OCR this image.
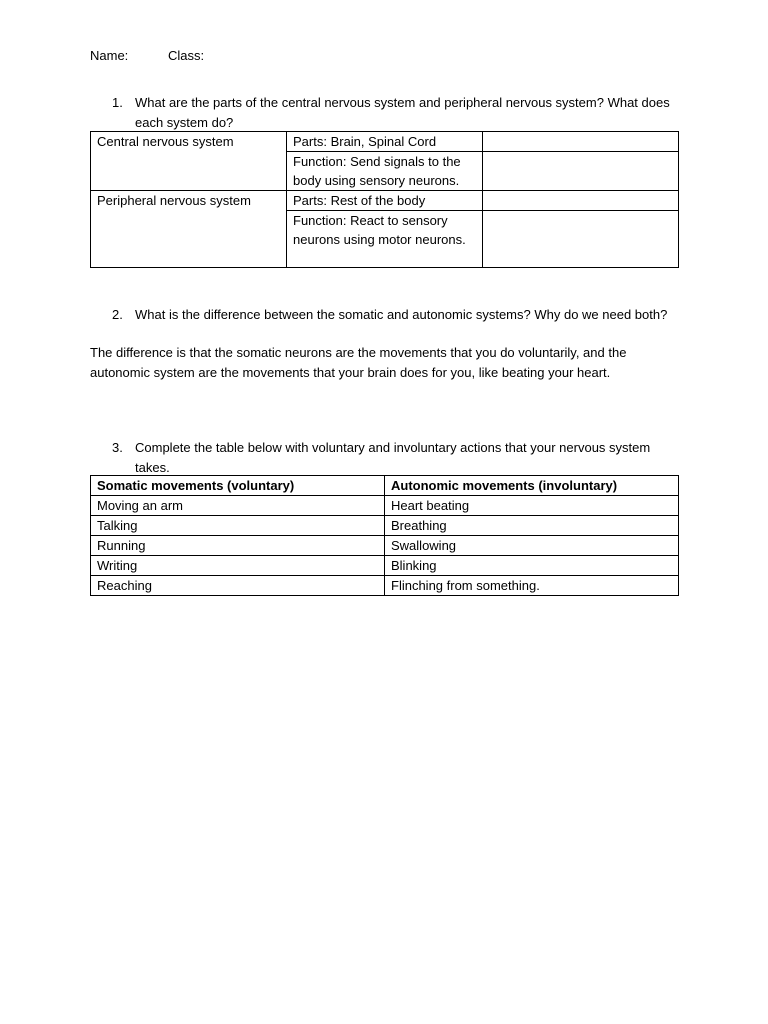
Name:	Class:
1. What are the parts of the central nervous system and peripheral nervous system? What does each system do?
Central nervous system	Parts: Brain, Spinal Cord	
	Function: Send signals to the body using sensory neurons.	
Peripheral nervous system	Parts: Rest of the body	
	Function: React to sensory neurons using motor neurons.	
2. What is the difference between the somatic and autonomic systems? Why do we need both?
The difference is that the somatic neurons are the movements that you do voluntarily, and the autonomic system are the movements that your brain does for you, like beating your heart.
3. Complete the table below with voluntary and involuntary actions that your nervous system takes.
Somatic movements (voluntary)	Autonomic movements (involuntary)
Moving an arm	Heart beating
Talking	Breathing
Running	Swallowing
Writing	Blinking
Reaching	Flinching from something.
